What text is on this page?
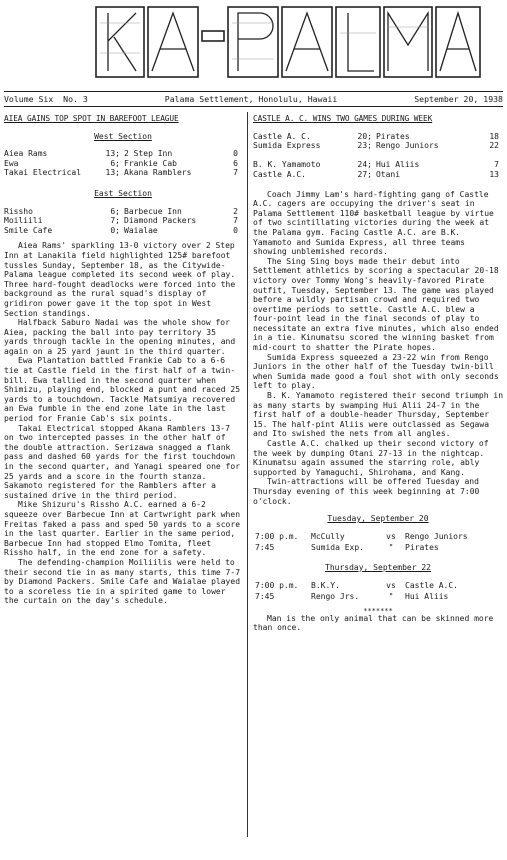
Volume Six  No. 3	Palama Settlement, Honolulu, Hawaii	September 20, 1938
AIEA GAINS TOP SPOT IN BAREFOOT LEAGUE
West Section
Aiea Rams	13;	2 Step Inn	0
Ewa	6;	Frankie Cab	6
Takai Electrical	13;	Akana Ramblers	7
East Section
Rissho	6;	Barbecue Inn	2
Moiliili	7;	Diamond Packers	7
Smile Cafe	0;	Waialae	0

Aiea Rams' sparkling 13-0 victory over 2 Step Inn at Lanakila field highlighted 125# barefoot tussles Sunday, September 18, as the Citywide-Palama league completed its second week of play. Three hard-fought deadlocks were forced into the background as the rural squad's display of gridiron power gave it the top spot in West Section standings.

Halfback Saburo Nadai was the whole show for Aiea, packing the ball into pay territory 35 yards through tackle in the opening minutes, and again on a 25 yard jaunt in the third quarter.

Ewa Plantation battled Frankie Cab to a 6-6 tie at Castle field in the first half of a twin-bill. Ewa tallied in the second quarter when Shimizu, playing end, blocked a punt and raced 25 yards to a touchdown. Tackle Matsumiya recovered an Ewa fumble in the end zone late in the last period for Franie Cab's six points.

Takai Electrical stopped Akana Ramblers 13-7 on two intercepted passes in the other half of the double attraction. Serizawa snagged a flank pass and dashed 60 yards for the first touchdown in the second quarter, and Yanagi speared one for 25 yards and a score in the fourth stanza. Sakamoto registered for the Ramblers after a sustained drive in the third period.

Mike Shizuru's Rissho A.C. earned a 6-2 squeeze over Barbecue Inn at Cartwright park when Freitas faked a pass and sped 50 yards to a score in the last quarter. Earlier in the same period, Barbecue Inn had stopped Elmo Tomita, fleet Rissho half, in the end zone for a safety.

The defending-champion Moiliilis were held to their second tie in as many starts, this time 7-7 by Diamond Packers. Smile Cafe and Waialae played to a scoreless tie in a spirited game to lower the curtain on the day's schedule.

CASTLE A. C. WINS TWO GAMES DURING WEEK
Castle A. C.	20;	Pirates	18
Sumida Express	23;	Rengo Juniors	22

B. K. Yamamoto	24;	Hui Aliis	7
Castle A.C.	27;	Otani	13

Coach Jimmy Lam's hard-fighting gang of Castle A.C. cagers are occupying the driver's seat in Palama Settlement 110# basketball league by virtue of two scintillating victories during the week at the Palama gym. Facing Castle A.C. are B.K. Yamamoto and Sumida Express, all three teams showing unblemished records.

The Sing Sing boys made their debut into Settlement athletics by scoring a spectacular 20-18 victory over Tommy Wong's heavily-favored Pirate outfit, Tuesday, September 13. The game was played before a wildly partisan crowd and required two overtime periods to settle. Castle A.C. blew a four-point lead in the final seconds of play to necessitate an extra five minutes, which also ended in a tie. Kinumatsu scored the winning basket from mid-court to shatter the Pirate hopes.

Sumida Express squeezed a 23-22 win from Rengo Juniors in the other half of the Tuesday twin-bill when Sumida made good a foul shot with only seconds left to play.

B. K. Yamamoto registered their second triumph in as many starts by swamping Hui Alii 24-7 in the first half of a double-header Thursday, September 15. The half-pint Aliis were outclassed as Segawa and Ito swished the nets from all angles.

Castle A.C. chalked up their second victory of the week by dumping Otani 27-13 in the nightcap. Kinumatsu again assumed the starring role, ably supported by Yamaguchi, Shirohama, and Kang.

Twin-attractions will be offered Tuesday and Thursday evening of this week beginning at 7:00 o'clock.

Tuesday, September 20
7:00 p.m.	McCully	vs	Rengo Juniors
7:45	Sumida Exp.	"	Pirates
Thursday, September 22
7:00 p.m.	B.K.Y.	vs	Castle A.C.
7:45	Rengo Jrs.	"	Hui Aliis
*******

Man is the only animal that can be skinned more than once.
